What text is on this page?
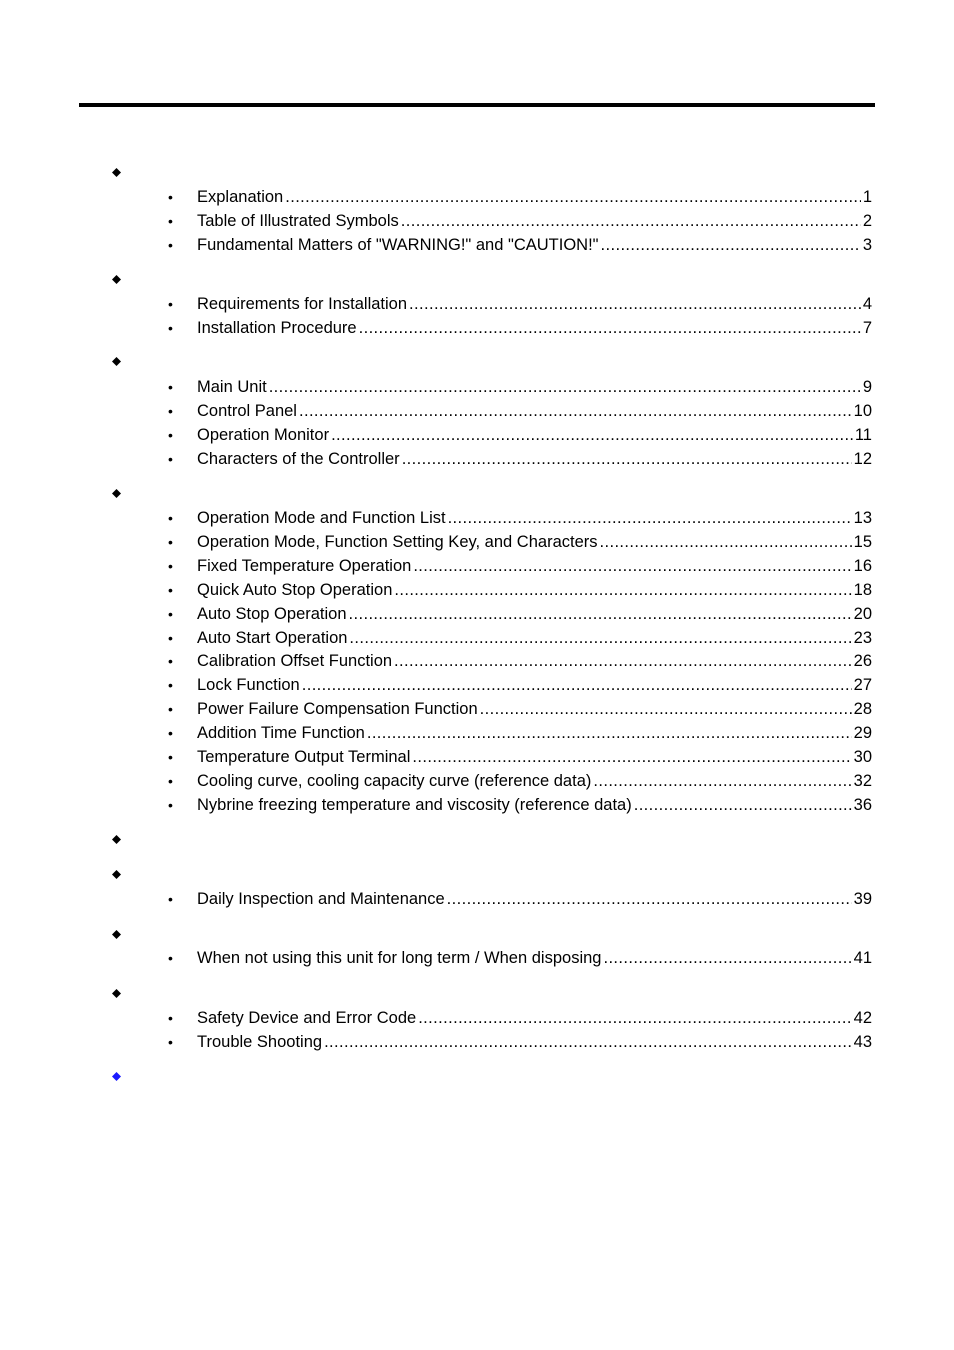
•	Explanation .....	1
•	Table of Illustrated Symbols .....	2
•	Fundamental Matters of "WARNING!" and "CAUTION!" .....	3
•	Requirements for Installation .....	4
•	Installation Procedure .....	7
•	Main Unit .....	9
•	Control Panel .....	10
•	Operation Monitor .....	11
•	Characters of the Controller .....	12
•	Operation Mode and Function List .....	13
•	Operation Mode, Function Setting Key, and Characters .....	15
•	Fixed Temperature Operation .....	16
•	Quick Auto Stop Operation .....	18
•	Auto Stop Operation .....	20
•	Auto Start Operation .....	23
•	Calibration Offset Function .....	26
•	Lock Function .....	27
•	Power Failure Compensation Function .....	28
•	Addition Time Function .....	29
•	Temperature Output Terminal .....	30
•	Cooling curve, cooling capacity curve (reference data) .....	32
•	Nybrine freezing temperature and viscosity (reference data) .....	36
•	Daily Inspection and Maintenance .....	39
•	When not using this unit for long term / When disposing .....	41
•	Safety Device and Error Code .....	42
•	Trouble Shooting .....	43
